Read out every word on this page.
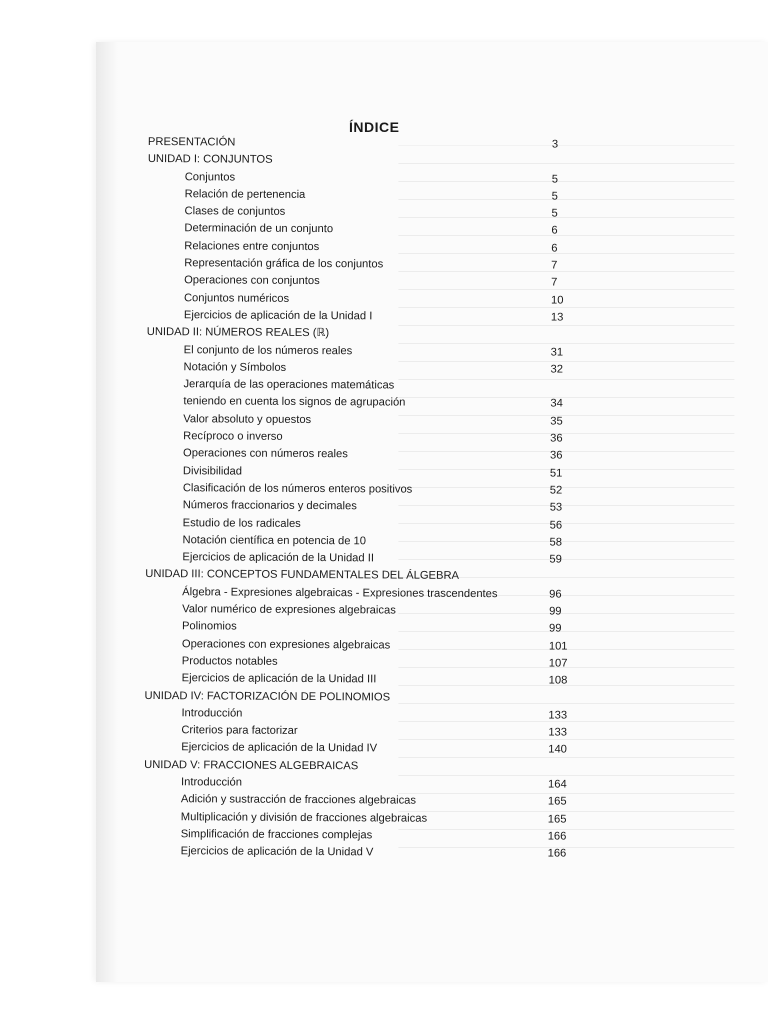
ÍNDICE
PRESENTACIÓN	3
UNIDAD I: CONJUNTOS
Conjuntos	5
Relación de pertenencia	5
Clases de conjuntos	5
Determinación de un conjunto	6
Relaciones entre conjuntos	6
Representación gráfica de los conjuntos	7
Operaciones con conjuntos	7
Conjuntos numéricos	10
Ejercicios de aplicación de la Unidad I	13
UNIDAD II: NÚMEROS REALES (ℝ)
El conjunto de los números reales	31
Notación y Símbolos	32
Jerarquía de las operaciones matemáticas
teniendo en cuenta los signos de agrupación	34
Valor absoluto y opuestos	35
Recíproco o inverso	36
Operaciones con números reales	36
Divisibilidad	51
Clasificación de los números enteros positivos	52
Números fraccionarios y decimales	53
Estudio de los radicales	56
Notación científica en potencia de 10	58
Ejercicios de aplicación de la Unidad II	59
UNIDAD III: CONCEPTOS FUNDAMENTALES DEL ÁLGEBRA
Álgebra - Expresiones algebraicas - Expresiones trascendentes	96
Valor numérico de expresiones algebraicas	99
Polinomios	99
Operaciones con expresiones algebraicas	101
Productos notables	107
Ejercicios de aplicación de la Unidad III	108
UNIDAD IV: FACTORIZACIÓN DE POLINOMIOS
Introducción	133
Criterios para factorizar	133
Ejercicios de aplicación de la Unidad IV	140
UNIDAD V: FRACCIONES ALGEBRAICAS
Introducción	164
Adición y sustracción de fracciones algebraicas	165
Multiplicación y división de fracciones algebraicas	165
Simplificación de fracciones complejas	166
Ejercicios de aplicación de la Unidad V	166
